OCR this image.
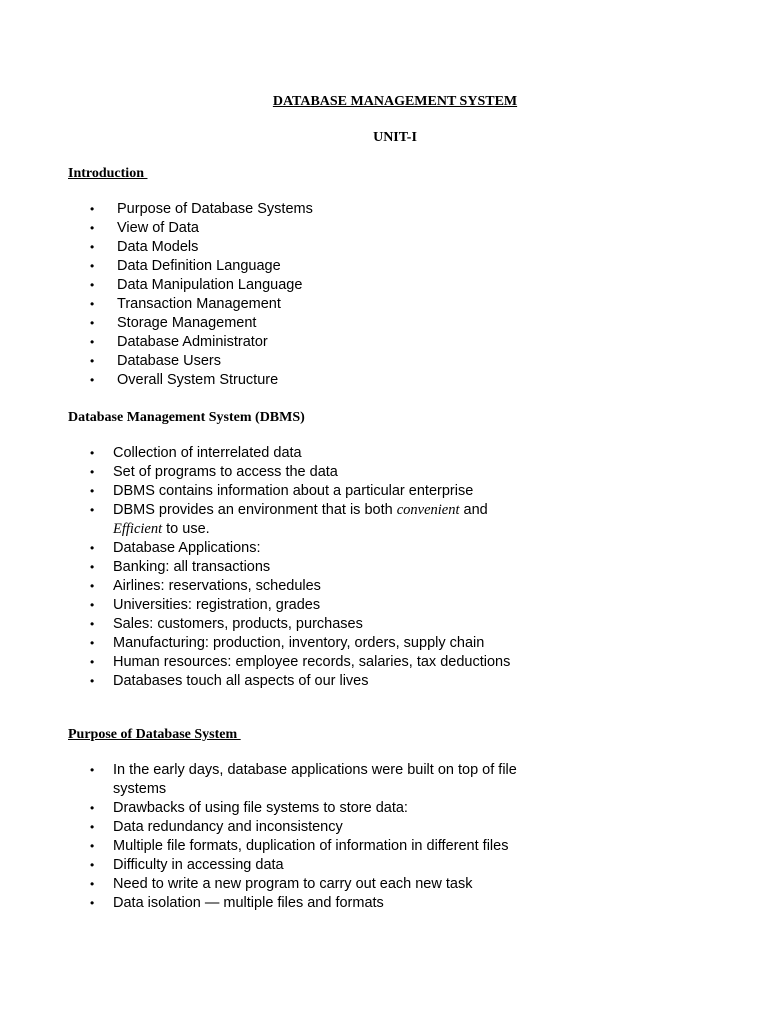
DATABASE MANAGEMENT SYSTEM
UNIT-I
Introduction
• Purpose of Database Systems
• View of Data
• Data Models
• Data Definition Language
• Data Manipulation Language
• Transaction Management
• Storage Management
• Database Administrator
• Database Users
• Overall System Structure
Database Management System (DBMS)
• Collection of interrelated data
• Set of programs to access the data
• DBMS contains information about a particular enterprise
• DBMS provides an environment that is both convenient and Efficient to use.
• Database Applications:
• Banking: all transactions
• Airlines: reservations, schedules
• Universities: registration, grades
• Sales: customers, products, purchases
• Manufacturing: production, inventory, orders, supply chain
• Human resources: employee records, salaries, tax deductions
• Databases touch all aspects of our lives
Purpose of Database System
• In the early days, database applications were built on top of file systems
• Drawbacks of using file systems to store data:
• Data redundancy and inconsistency
• Multiple file formats, duplication of information in different files
• Difficulty in accessing data
• Need to write a new program to carry out each new task
• Data isolation — multiple files and formats
